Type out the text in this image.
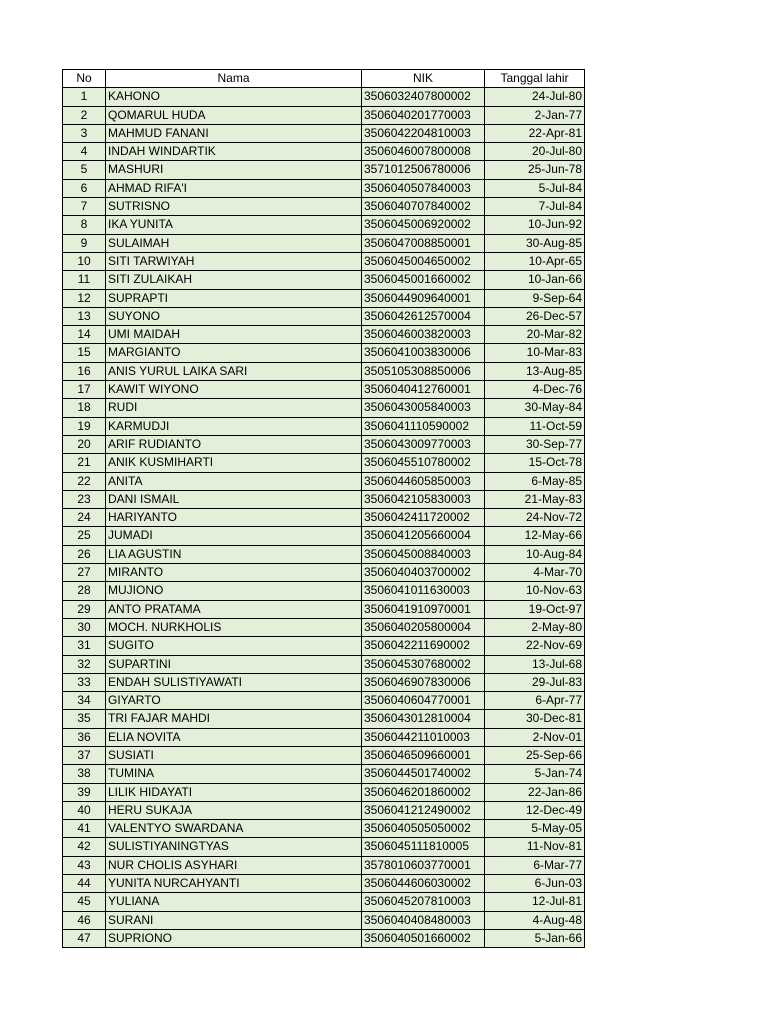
No	Nama	NIK	Tanggal lahir
1	KAHONO	3506032407800002	24-Jul-80
2	QOMARUL HUDA	3506040201770003	2-Jan-77
3	MAHMUD FANANI	3506042204810003	22-Apr-81
4	INDAH WINDARTIK	3506046007800008	20-Jul-80
5	MASHURI	3571012506780006	25-Jun-78
6	AHMAD RIFA'I	3506040507840003	5-Jul-84
7	SUTRISNO	3506040707840002	7-Jul-84
8	IKA YUNITA	3506045006920002	10-Jun-92
9	SULAIMAH	3506047008850001	30-Aug-85
10	SITI TARWIYAH	3506045004650002	10-Apr-65
11	SITI ZULAIKAH	3506045001660002	10-Jan-66
12	SUPRAPTI	3506044909640001	9-Sep-64
13	SUYONO	3506042612570004	26-Dec-57
14	UMI MAIDAH	3506046003820003	20-Mar-82
15	MARGIANTO	3506041003830006	10-Mar-83
16	ANIS YURUL LAIKA SARI	3505105308850006	13-Aug-85
17	KAWIT WIYONO	3506040412760001	4-Dec-76
18	RUDI	3506043005840003	30-May-84
19	KARMUDJI	3506041110590002	11-Oct-59
20	ARIF RUDIANTO	3506043009770003	30-Sep-77
21	ANIK KUSMIHARTI	3506045510780002	15-Oct-78
22	ANITA	3506044605850003	6-May-85
23	DANI ISMAIL	3506042105830003	21-May-83
24	HARIYANTO	3506042411720002	24-Nov-72
25	JUMADI	3506041205660004	12-May-66
26	LIA AGUSTIN	3506045008840003	10-Aug-84
27	MIRANTO	3506040403700002	4-Mar-70
28	MUJIONO	3506041011630003	10-Nov-63
29	ANTO PRATAMA	3506041910970001	19-Oct-97
30	MOCH. NURKHOLIS	3506040205800004	2-May-80
31	SUGITO	3506042211690002	22-Nov-69
32	SUPARTINI	3506045307680002	13-Jul-68
33	ENDAH SULISTIYAWATI	3506046907830006	29-Jul-83
34	GIYARTO	3506040604770001	6-Apr-77
35	TRI FAJAR MAHDI	3506043012810004	30-Dec-81
36	ELIA NOVITA	3506044211010003	2-Nov-01
37	SUSIATI	3506046509660001	25-Sep-66
38	TUMINA	3506044501740002	5-Jan-74
39	LILIK HIDAYATI	3506046201860002	22-Jan-86
40	HERU SUKAJA	3506041212490002	12-Dec-49
41	VALENTYO SWARDANA	3506040505050002	5-May-05
42	SULISTIYANINGTYAS	3506045111810005	11-Nov-81
43	NUR CHOLIS ASYHARI	3578010603770001	6-Mar-77
44	YUNITA NURCAHYANTI	3506044606030002	6-Jun-03
45	YULIANA	3506045207810003	12-Jul-81
46	SURANI	3506040408480003	4-Aug-48
47	SUPRIONO	3506040501660002	5-Jan-66
